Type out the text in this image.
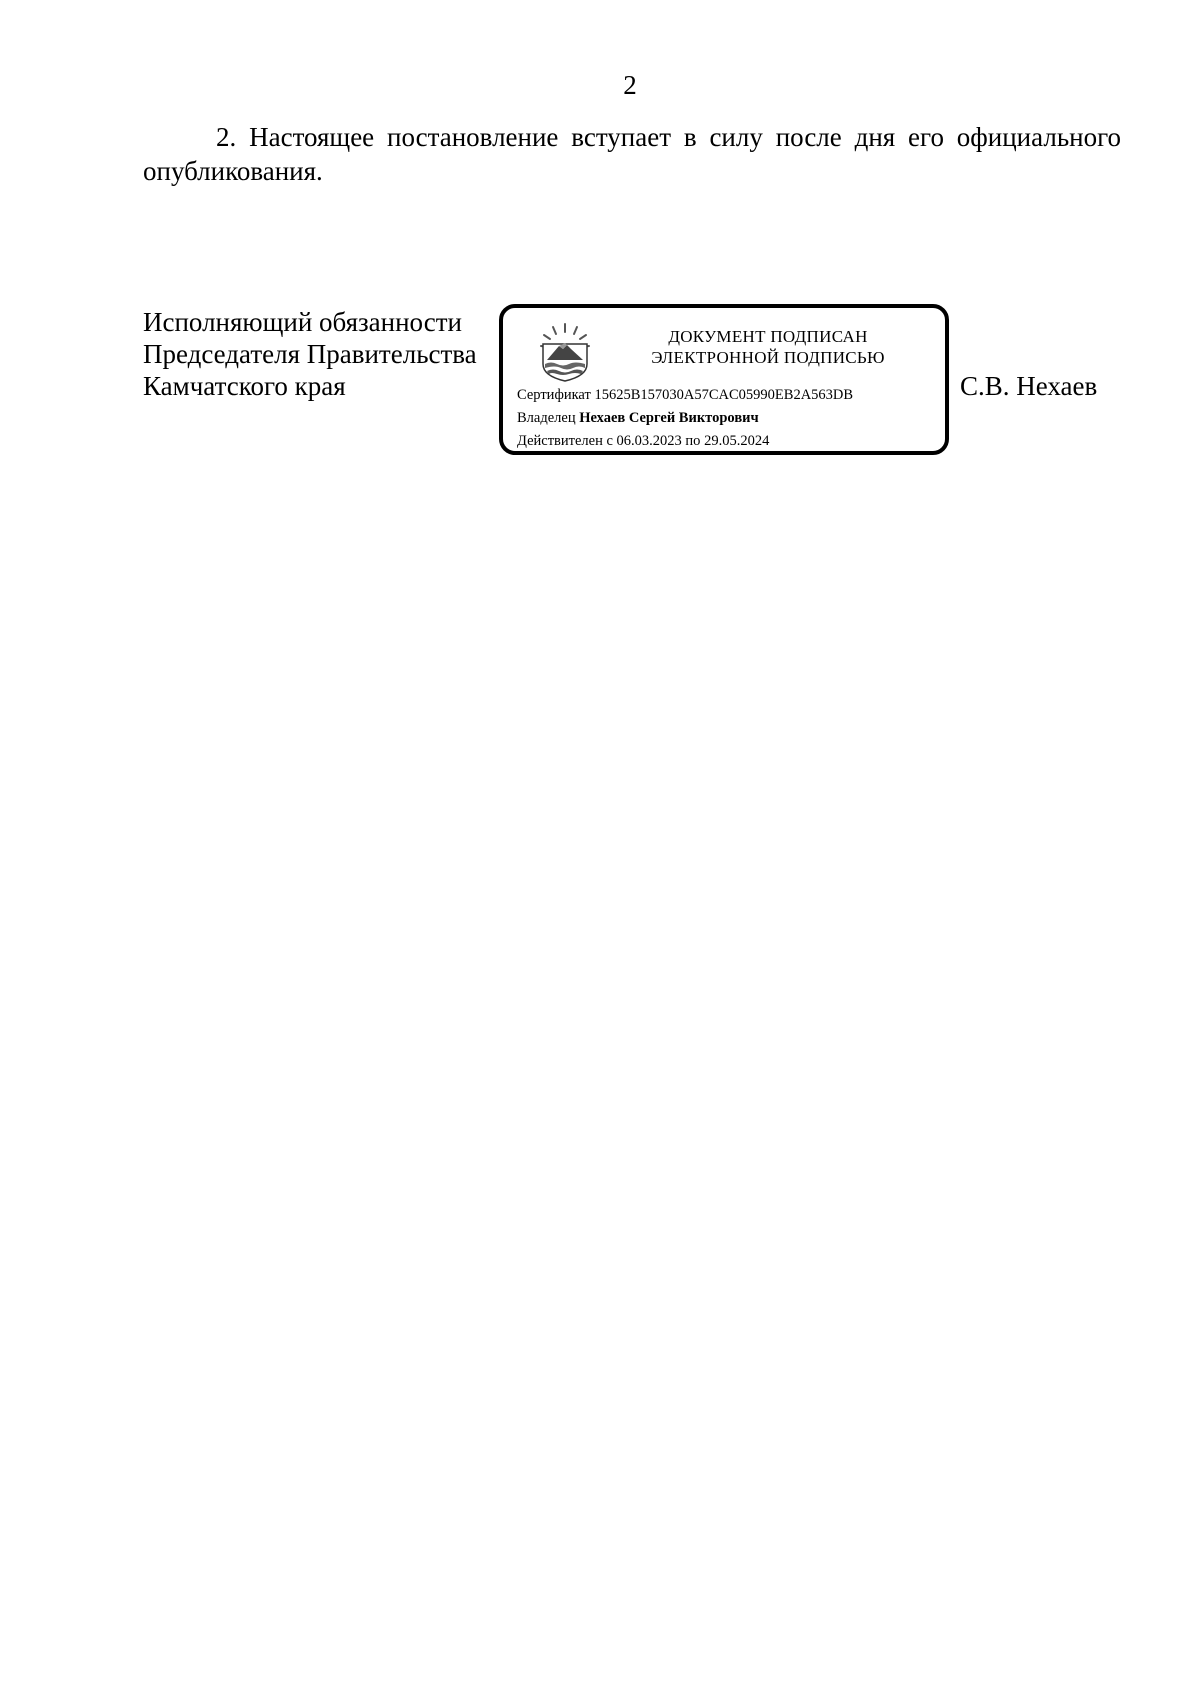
2
2. Настоящее постановление вступает в силу после дня его официального опубликования.
Исполняющий обязанности
Председателя Правительства
Камчатского края
ДОКУМЕНТ ПОДПИСАН
ЭЛЕКТРОННОЙ ПОДПИСЬЮ
Сертификат 15625B157030A57CAC05990EB2A563DB
Владелец Нехаев Сергей Викторович
Действителен с 06.03.2023 по 29.05.2024
С.В. Нехаев
